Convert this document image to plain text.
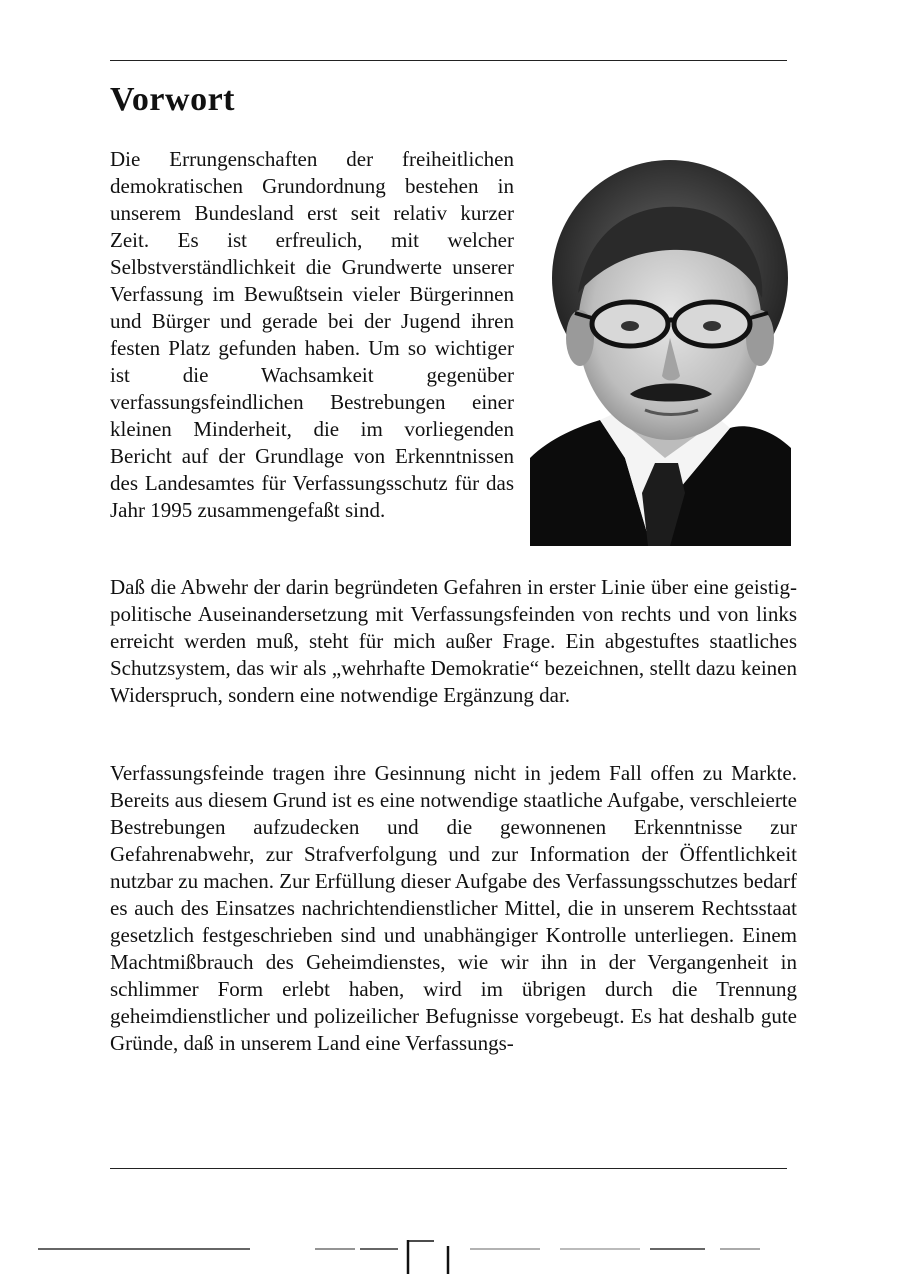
Vorwort

Die Errungenschaften der freiheitlichen demokratischen Grundordnung bestehen in unserem Bundesland erst seit relativ kurzer Zeit. Es ist erfreulich, mit welcher Selbstverständlichkeit die Grundwerte unserer Verfassung im Bewußtsein vieler Bürgerinnen und Bürger und gerade bei der Jugend ihren festen Platz gefunden haben. Um so wichtiger ist die Wachsamkeit gegenüber verfassungsfeindlichen Bestrebungen einer kleinen Minderheit, die im vorliegenden Bericht auf der Grundlage von Erkenntnissen des Landesamtes für Verfassungsschutz für das Jahr 1995 zusammengefaßt sind.

Daß die Abwehr der darin begründeten Gefahren in erster Linie über eine geistig-politische Auseinandersetzung mit Verfassungsfeinden von rechts und von links erreicht werden muß, steht für mich außer Frage. Ein abgestuftes staatliches Schutzsystem, das wir als „wehrhafte Demokratie“ bezeichnen, stellt dazu keinen Widerspruch, sondern eine notwendige Ergänzung dar.

Verfassungsfeinde tragen ihre Gesinnung nicht in jedem Fall offen zu Markte. Bereits aus diesem Grund ist es eine notwendige staatliche Aufgabe, verschleierte Bestrebungen aufzudecken und die gewonnenen Erkenntnisse zur Gefahrenabwehr, zur Strafverfolgung und zur Information der Öffentlichkeit nutzbar zu machen. Zur Erfüllung dieser Aufgabe des Verfassungsschutzes bedarf es auch des Einsatzes nachrichtendienstlicher Mittel, die in unserem Rechtsstaat gesetzlich festgeschrieben sind und unabhängiger Kontrolle unterliegen. Einem Machtmißbrauch des Geheimdienstes, wie wir ihn in der Vergangenheit in schlimmer Form erlebt haben, wird im übrigen durch die Trennung geheimdienstlicher und polizeilicher Befugnisse vorgebeugt. Es hat deshalb gute Gründe, daß in unserem Land eine Verfassungs-
